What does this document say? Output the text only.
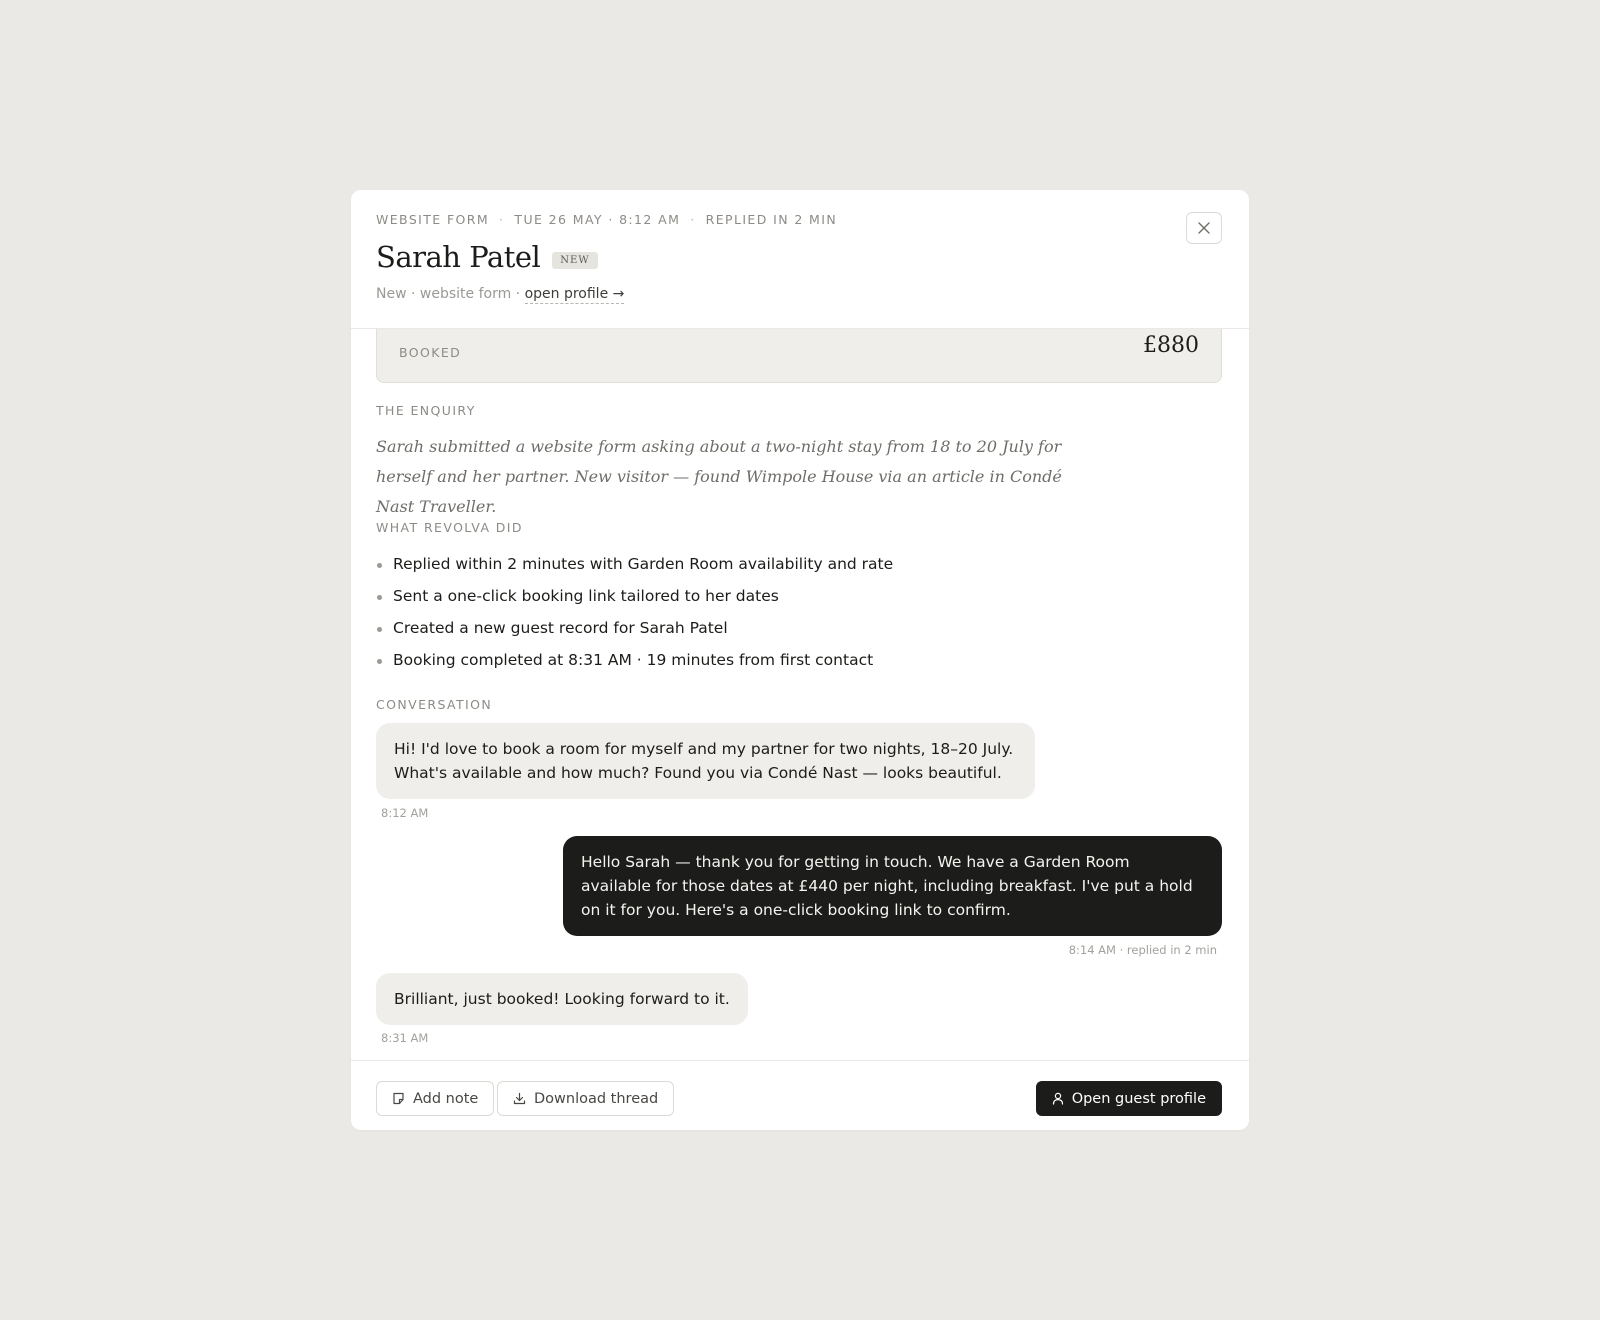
WEBSITE FORM · TUE 26 MAY · 8:12 AM · REPLIED IN 2 MIN
Sarah Patel	NEW
New · website form · open profile →
BOOKED	£880
THE ENQUIRY
Sarah submitted a website form asking about a two-night stay from 18 to 20 July for herself and her partner. New visitor — found Wimpole House via an article in Condé Nast Traveller.
WHAT REVOLVA DID
Replied within 2 minutes with Garden Room availability and rate
Sent a one-click booking link tailored to her dates
Created a new guest record for Sarah Patel
Booking completed at 8:31 AM · 19 minutes from first contact
CONVERSATION
Hi! I'd love to book a room for myself and my partner for two nights, 18–20 July. What's available and how much? Found you via Condé Nast — looks beautiful.
8:12 AM
Hello Sarah — thank you for getting in touch. We have a Garden Room available for those dates at £440 per night, including breakfast. I've put a hold on it for you. Here's a one-click booking link to confirm.
8:14 AM · replied in 2 min
Brilliant, just booked! Looking forward to it.
8:31 AM
Add note	Download thread	Open guest profile
